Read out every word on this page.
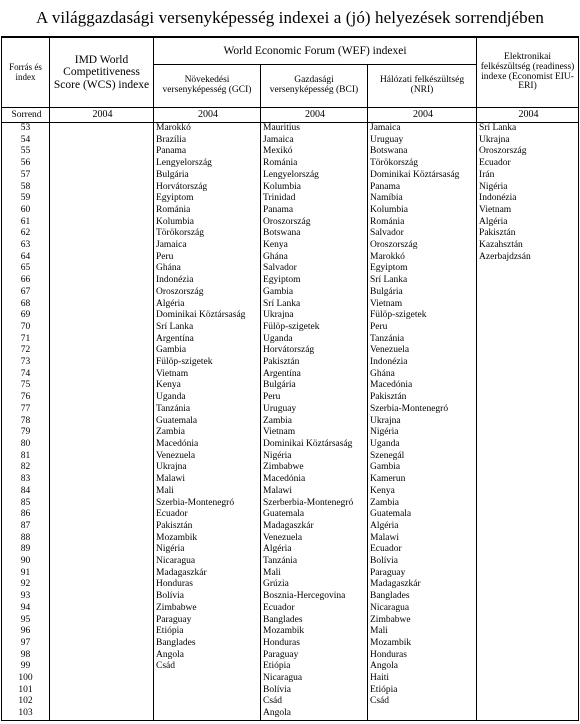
A világgazdasági versenyképesség indexei a (jó) helyezések sorrendjében
Forrás és index	IMD World Competitiveness Score (WCS) indexe	World Economic Forum (WEF) indexei			Elektronikai felkészültség (readiness) indexe (Economist EIU-ERI)
		Növekedési versenyképesség (GCI)	Gazdasági versenyképesség (BCI)	Hálózati felkészültség (NRI)	
Sorrend	2004	2004	2004	2004	2004
53		Marokkó	Mauritius	Jamaica	Srí Lanka
54		Brazília	Jamaica	Uruguay	Ukrajna
55		Panama	Mexikó	Botswana	Oroszország
56		Lengyelország	Románia	Törökország	Ecuador
57		Bulgária	Lengyelország	Dominikai Köztársaság	Irán
58		Horvátország	Kolumbia	Panama	Nigéria
59		Egyiptom	Trinidad	Namíbia	Indonézia
60		Románia	Panama	Kolumbia	Vietnam
61		Kolumbia	Oroszország	Románia	Algéria
62		Törökország	Botswana	Salvador	Pakisztán
63		Jamaica	Kenya	Oroszország	Kazahsztán
64		Peru	Ghána	Marokkó	Azerbajdzsán
65		Ghána	Salvador	Egyiptom	
66		Indonézia	Egyiptom	Srí Lanka	
67		Oroszország	Gambia	Bulgária	
68		Algéria	Srí Lanka	Vietnam	
69		Dominikai Köztársaság	Ukrajna	Fülöp-szigetek	
70		Srí Lanka	Fülöp-szigetek	Peru	
71		Argentína	Uganda	Tanzánia	
72		Gambia	Horvátország	Venezuela	
73		Fülöp-szigetek	Pakisztán	Indonézia	
74		Vietnam	Argentína	Ghána	
75		Kenya	Bulgária	Macedónia	
76		Uganda	Peru	Pakisztán	
77		Tanzánia	Uruguay	Szerbia-Montenegró	
78		Guatemala	Zambia	Ukrajna	
79		Zambia	Vietnam	Nigéria	
80		Macedónia	Dominikai Köztársaság	Uganda	
81		Venezuela	Nigéria	Szenegál	
82		Ukrajna	Zimbabwe	Gambia	
83		Malawi	Macedónia	Kamerun	
84		Mali	Malawi	Kenya	
85		Szerbia-Montenegró	Szerberbia-Montenegró	Zambia	
86		Ecuador	Guatemala	Guatemala	
87		Pakisztán	Madagaszkár	Algéria	
88		Mozambik	Venezuela	Malawi	
89		Nigéria	Algéria	Ecuador	
90		Nicaragua	Tanzánia	Bolívia	
91		Madagaszkár	Mali	Paraguay	
92		Honduras	Grúzia	Madagaszkár	
93		Bolívia	Bosznia-Hercegovina	Banglades	
94		Zimbabwe	Ecuador	Nicaragua	
95		Paraguay	Banglades	Zimbabwe	
96		Etiópia	Mozambik	Mali	
97		Banglades	Honduras	Mozambik	
98		Angola	Paraguay	Honduras	
99		Csád	Etiópia	Angola	
100			Nicaragua	Haiti	
101			Bolívia	Etiópia	
102			Csád	Csád	
103			Angola		
